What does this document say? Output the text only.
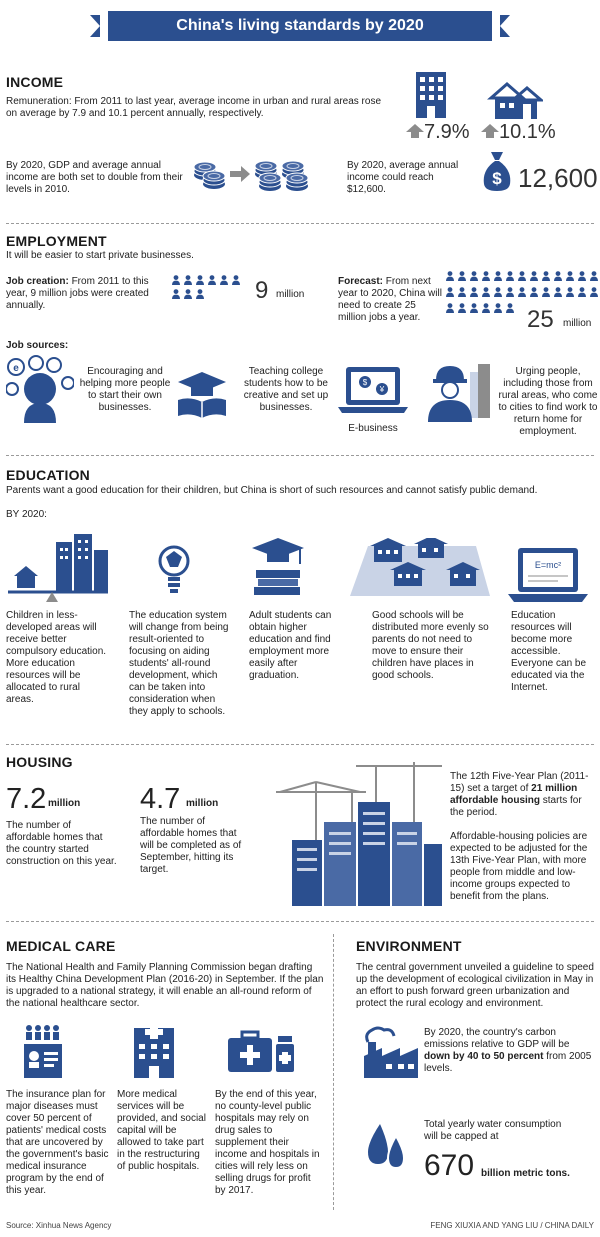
China's living standards by 2020
INCOME
Remuneration: From 2011 to last year, average income in urban and rural areas rose on average by 7.9 and 10.1 percent annually, respectively.
7.9% 10.1%
By 2020, GDP and average annual income are both set to double from their levels in 2010.
By 2020, average annual income could reach $12,600.
$ 12,600
EMPLOYMENT
It will be easier to start private businesses.
Job creation: From 2011 to this year, 9 million jobs were created annually.
9 million
Forecast: From next year to 2020, China will need to create 25 million jobs a year.	25 million
Job sources:
e	Encouraging and helping more people to start their own businesses.
Teaching college students how to be creative and set up businesses.
$
¥
E-business
Urging people, including those from rural areas, who come to cities to find work to return home for employment.
EDUCATION
Parents want a good education for their children, but China is short of such resources and cannot satisfy public demand.
BY 2020:
Children in less-developed areas will receive better compulsory education. More education resources will be allocated to rural areas.
The education system will change from being result-oriented to focusing on aiding students' all-round development, which can be taken into consideration when they apply to schools.
Adult students can obtain higher education and find employment more easily after graduation.
Good schools will be distributed more evenly so parents do not need to move to ensure their children have places in good schools.
E=mc²
Education resources will become more accessible. Everyone can be educated via the Internet.
HOUSING
7.2 million
The number of affordable homes that the country started construction on this year.
4.7 million
The number of affordable homes that will be completed as of September, hitting its target.
The 12th Five-Year Plan (2011-15) set a target of 21 million affordable housing starts for the period.
Affordable-housing policies are expected to be adjusted for the 13th Five-Year Plan, with more people from middle and low-income groups expected to benefit from the plans.
MEDICAL CARE
The National Health and Family Planning Commission began drafting its Healthy China Development Plan (2016-20) in September. If the plan is upgraded to a national strategy, it will enable an all-round reform of the national healthcare sector.
The insurance plan for major diseases must cover 50 percent of patients' medical costs that are uncovered by the government's basic medical insurance program by the end of this year.
More medical services will be provided, and social capital will be allowed to take part in the restructuring of public hospitals.
By the end of this year, no county-level public hospitals may rely on drug sales to supplement their income and hospitals in cities will rely less on selling drugs for profit by 2017.
ENVIRONMENT
The central government unveiled a guideline to speed up the development of ecological civilization in May in an effort to push forward green urbanization and protect the rural ecology and environment.
By 2020, the country's carbon emissions relative to GDP will be down by 40 to 50 percent from 2005 levels.
Total yearly water consumption will be capped at
670 billion metric tons.
Source: Xinhua News Agency	FENG XIUXIA AND YANG LIU / CHINA DAILY
